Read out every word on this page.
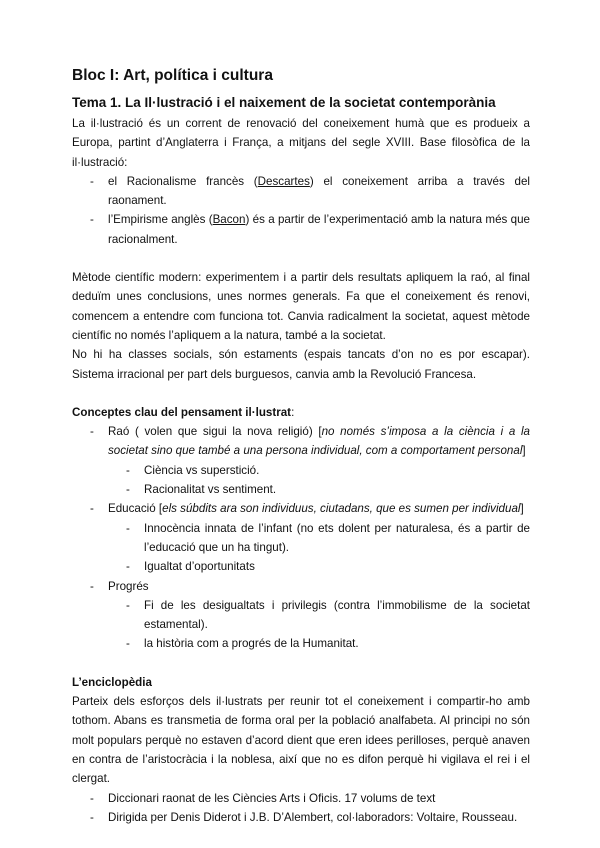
Bloc I: Art, política i cultura
Tema 1. La Il·lustració i el naixement de la societat contemporània

La il·lustració és un corrent de renovació del coneixement humà que es produeix a Europa, partint d’Anglaterra i França, a mitjans del segle XVIII. Base filosòfica de la il·lustració:

- el Racionalisme francès (Descartes) el coneixement arriba a través del raonament.
- l’Empirisme anglès (Bacon) és a partir de l’experimentació amb la natura més que racionalment.

Mètode científic modern: experimentem i a partir dels resultats apliquem la raó, al final deduïm unes conclusions, unes normes generals. Fa que el coneixement és renovi, comencem a entendre com funciona tot. Canvia radicalment la societat, aquest mètode científic no només l’apliquem a la natura, també a la societat.

No hi ha classes socials, són estaments (espais tancats d’on no es por escapar). Sistema irracional per part dels burguesos, canvia amb la Revolució Francesa.

Conceptes clau del pensament il·lustrat:
- Raó ( volen que sigui la nova religió) [no només s’imposa a la ciència i a la societat sino que també a una persona individual, com a comportament personal]
- Ciència vs superstició.
- Racionalitat vs sentiment.
- Educació [els súbdits ara son individuus, ciutadans, que es sumen per individual]
- Innocència innata de l’infant (no ets dolent per naturalesa, és a partir de l’educació que un ha tingut).
- Igualtat d’oportunitats
- Progrés
- Fi de les desigualtats i privilegis (contra l’immobilisme de la societat estamental).
- la història com a progrés de la Humanitat.
L’enciclopèdia

Parteix dels esforços dels il·lustrats per reunir tot el coneixement i compartir-ho amb tothom. Abans es transmetia de forma oral per la població analfabeta. Al principi no són molt populars perquè no estaven d’acord dient que eren idees perilloses, perquè anaven en contra de l’aristocràcia i la noblesa, així que no es difon perquè hi vigilava el rei i el clergat.

- Diccionari raonat de les Ciències Arts i Oficis. 17 volums de text
- Dirigida per Denis Diderot i J.B. D’Alembert, col·laboradors: Voltaire, Rousseau.
